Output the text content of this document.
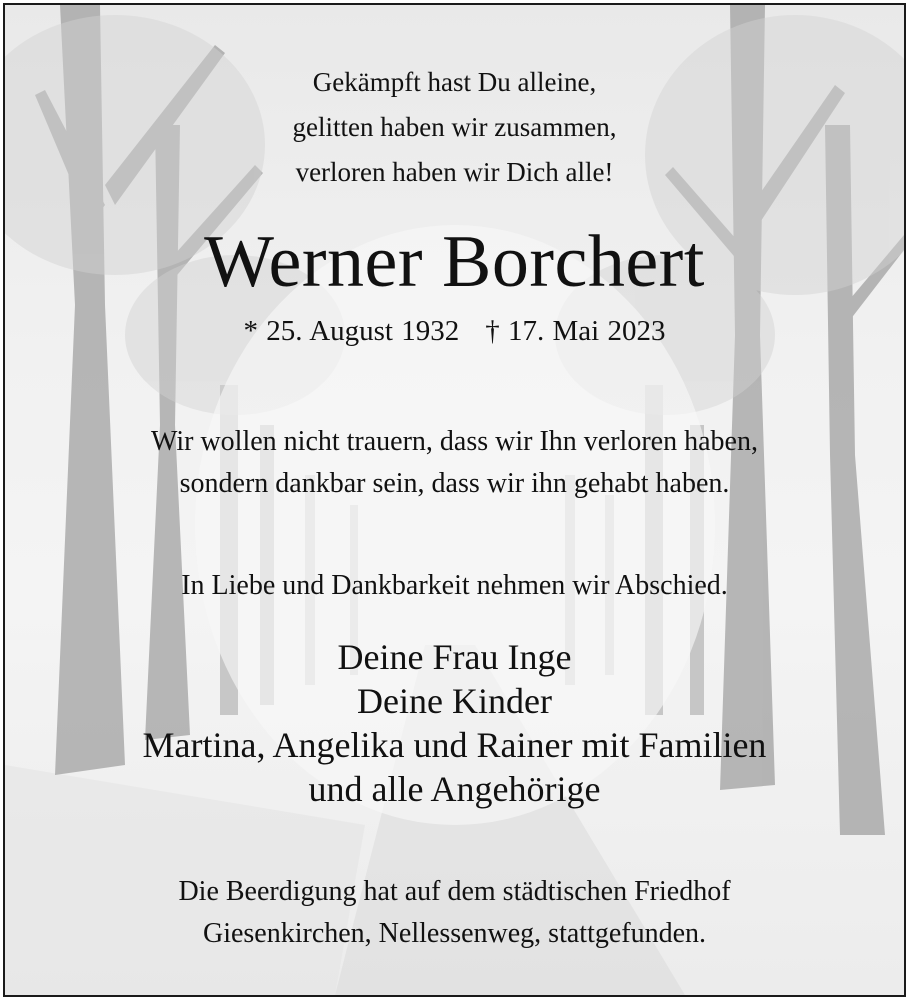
Gekämpft hast Du alleine,
gelitten haben wir zusammen,
verloren haben wir Dich alle!

Werner Borchert

* 25. August 1932 † 17. Mai 2023

Wir wollen nicht trauern, dass wir Ihn verloren haben,
sondern dankbar sein, dass wir ihn gehabt haben.

In Liebe und Dankbarkeit nehmen wir Abschied.

Deine Frau Inge
Deine Kinder
Martina, Angelika und Rainer mit Familien
und alle Angehörige

Die Beerdigung hat auf dem städtischen Friedhof
Giesenkirchen, Nellessenweg, stattgefunden.
